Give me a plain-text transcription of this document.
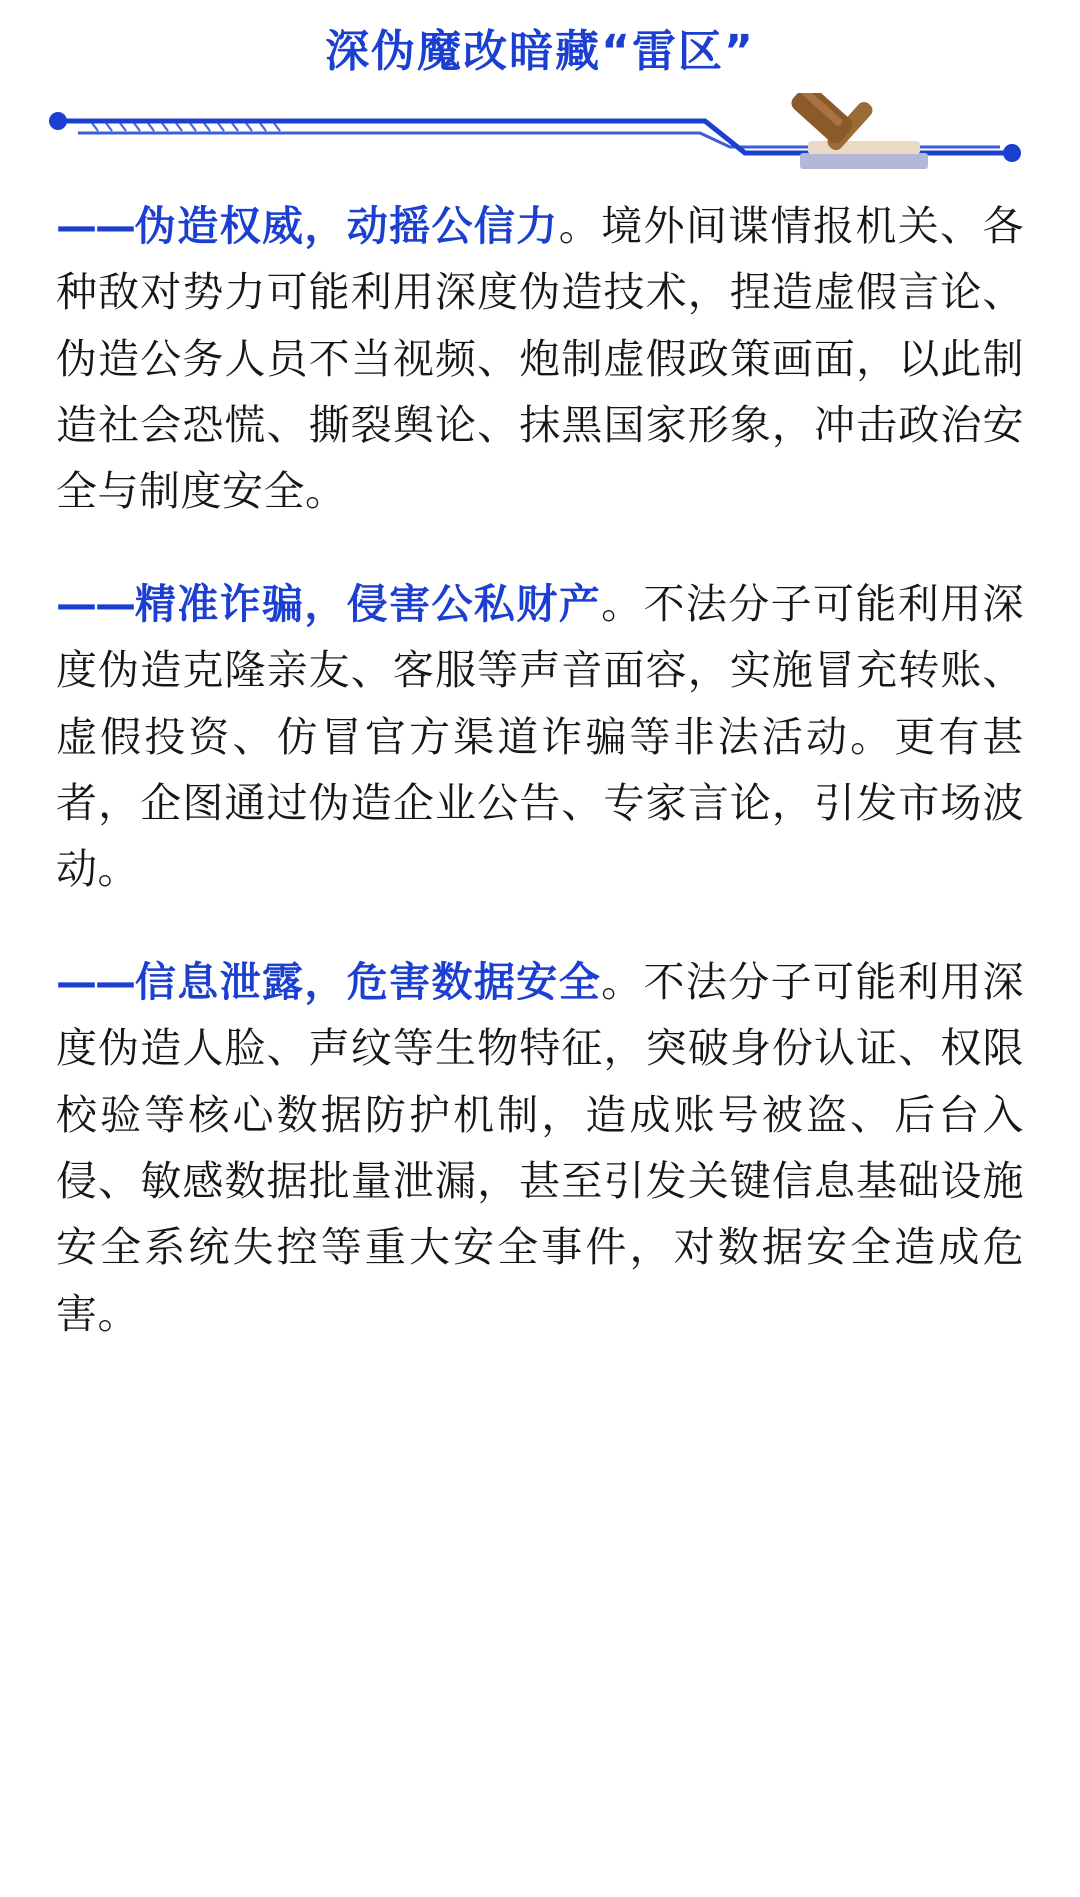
深伪魔改暗藏“雷区”

——伪造权威，动摇公信力。境外间谍情报机关、各种敌对势力可能利用深度伪造技术，捏造虚假言论、伪造公务人员不当视频、炮制虚假政策画面，以此制造社会恐慌、撕裂舆论、抹黑国家形象，冲击政治安全与制度安全。

——精准诈骗，侵害公私财产。不法分子可能利用深度伪造克隆亲友、客服等声音面容，实施冒充转账、虚假投资、仿冒官方渠道诈骗等非法活动。更有甚者，企图通过伪造企业公告、专家言论，引发市场波动。

——信息泄露，危害数据安全。不法分子可能利用深度伪造人脸、声纹等生物特征，突破身份认证、权限校验等核心数据防护机制，造成账号被盗、后台入侵、敏感数据批量泄漏，甚至引发关键信息基础设施安全系统失控等重大安全事件，对数据安全造成危害。
